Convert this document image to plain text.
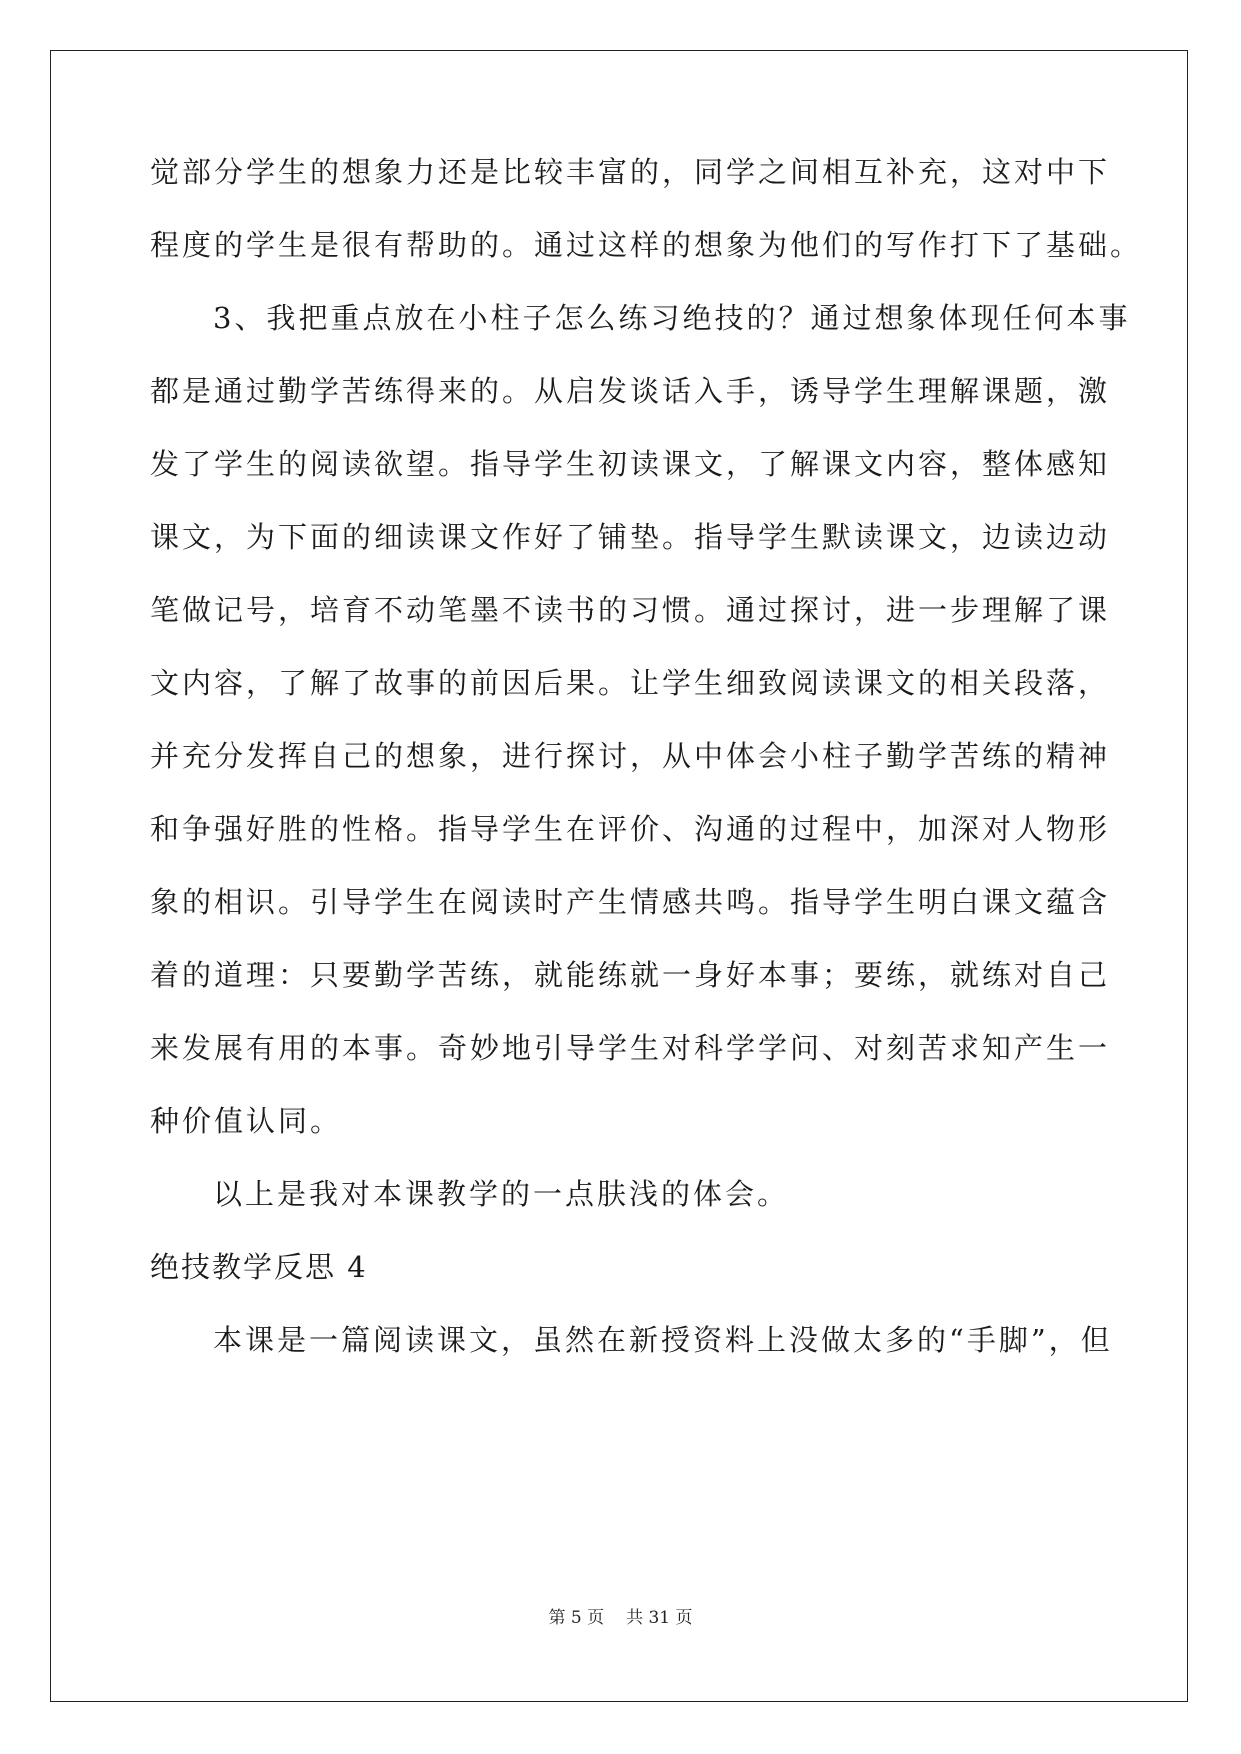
觉部分学生的想象力还是比较丰富的，同学之间相互补充，这对中下
程度的学生是很有帮助的。通过这样的想象为他们的写作打下了基础。
3、我把重点放在小柱子怎么练习绝技的？通过想象体现任何本事
都是通过勤学苦练得来的。从启发谈话入手，诱导学生理解课题，激
发了学生的阅读欲望。指导学生初读课文，了解课文内容，整体感知
课文，为下面的细读课文作好了铺垫。指导学生默读课文，边读边动
笔做记号，培育不动笔墨不读书的习惯。通过探讨，进一步理解了课
文内容，了解了故事的前因后果。让学生细致阅读课文的相关段落，
并充分发挥自己的想象，进行探讨，从中体会小柱子勤学苦练的精神
和争强好胜的性格。指导学生在评价、沟通的过程中，加深对人物形
象的相识。引导学生在阅读时产生情感共鸣。指导学生明白课文蕴含
着的道理：只要勤学苦练，就能练就一身好本事；要练，就练对自己
来发展有用的本事。奇妙地引导学生对科学学问、对刻苦求知产生一
种价值认同。
以上是我对本课教学的一点肤浅的体会。
绝技教学反思 4
本课是一篇阅读课文，虽然在新授资料上没做太多的“手脚”，但
第 5 页 共 31 页
